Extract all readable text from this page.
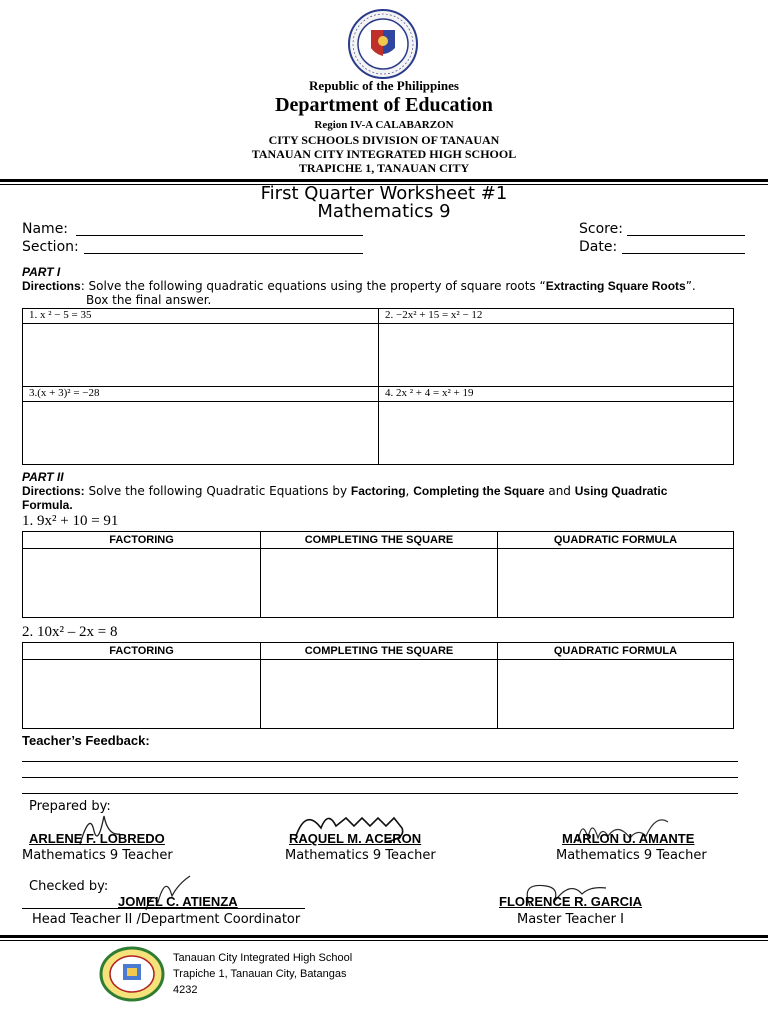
Republic of the Philippines
Department of Education
Region IV-A CALABARZON
CITY SCHOOLS DIVISION OF TANAUAN
TANAUAN CITY INTEGRATED HIGH SCHOOL
TRAPICHE 1, TANAUAN CITY
First Quarter Worksheet #1
Mathematics 9
Name:
Section:
Score:
Date:
PART I
Directions: Solve the following quadratic equations using the property of square roots “Extracting Square Roots”.
Box the final answer.
1. x ² − 5 = 35	2. −2x² + 15 = x² − 12

3.(x + 3)² = −28	4. 2x ² + 4 = x² + 19

PART II
Directions: Solve the following Quadratic Equations by Factoring, Completing the Square and Using Quadratic
Formula.
1. 9x² + 10 = 91
FACTORING	COMPLETING THE SQUARE	QUADRATIC FORMULA

2. 10x² – 2x = 8
FACTORING	COMPLETING THE SQUARE	QUADRATIC FORMULA

Teacher’s Feedback:
Prepared by:
ARLENE F. LOBREDO
Mathematics 9 Teacher
RAQUEL M. ACERON
Mathematics 9 Teacher
MARLON U. AMANTE
Mathematics 9 Teacher
Checked by:
JOMEL C. ATIENZA
Head Teacher II /Department Coordinator
FLORENCE R. GARCIA
Master Teacher I
Tanauan City Integrated High School
Trapiche 1, Tanauan City, Batangas
4232
